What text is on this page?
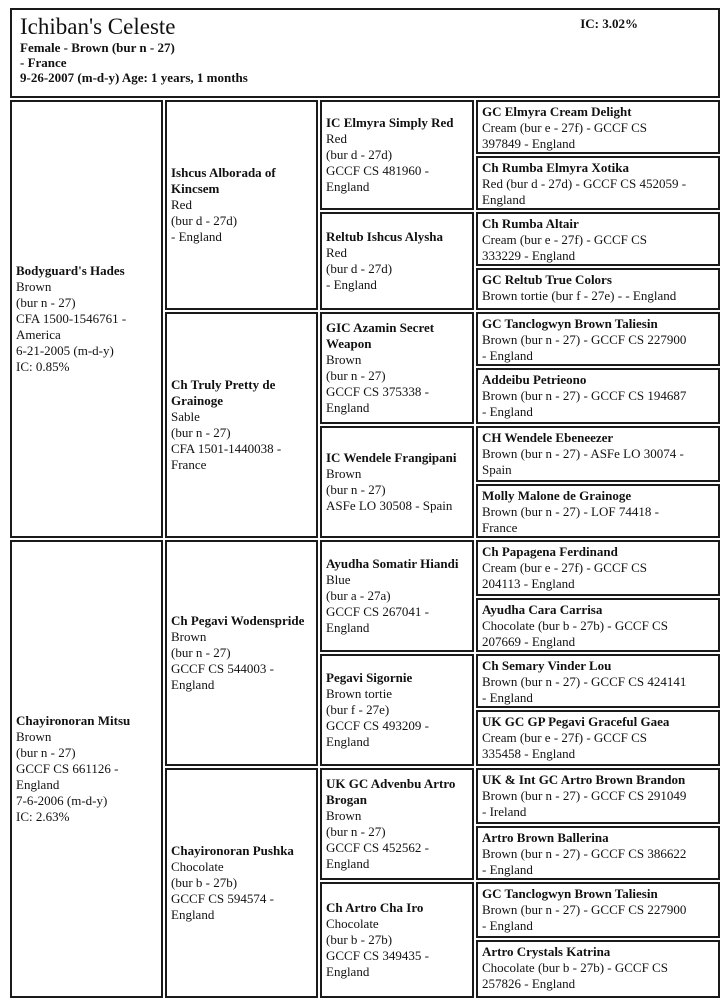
Ichiban's Celeste
Female - Brown (bur n - 27)
- France
9-26-2007 (m-d-y) Age: 1 years, 1 months
IC: 3.02%
Bodyguard's Hades
Brown
(bur n - 27)
CFA 1500-1546761 -
America
6-21-2005 (m-d-y)
IC: 0.85%
Chayironoran Mitsu
Brown
(bur n - 27)
GCCF CS 661126 -
England
7-6-2006 (m-d-y)
IC: 2.63%
Ishcus Alborada of Kincsem
Red
(bur d - 27d)
- England
Ch Truly Pretty de Grainoge
Sable
(bur n - 27)
CFA 1501-1440038 -
France
Ch Pegavi Wodenspride
Brown
(bur n - 27)
GCCF CS 544003 -
England
Chayironoran Pushka
Chocolate
(bur b - 27b)
GCCF CS 594574 -
England
IC Elmyra Simply Red
Red
(bur d - 27d)
GCCF CS 481960 -
England
Reltub Ishcus Alysha
Red
(bur d - 27d)
- England
GIC Azamin Secret Weapon
Brown
(bur n - 27)
GCCF CS 375338 -
England
IC Wendele Frangipani
Brown
(bur n - 27)
ASFe LO 30508 - Spain
Ayudha Somatir Hiandi
Blue
(bur a - 27a)
GCCF CS 267041 -
England
Pegavi Sigornie
Brown tortie
(bur f - 27e)
GCCF CS 493209 -
England
UK GC Advenbu Artro Brogan
Brown
(bur n - 27)
GCCF CS 452562 -
England
Ch Artro Cha Iro
Chocolate
(bur b - 27b)
GCCF CS 349435 -
England
GC Elmyra Cream Delight
Cream (bur e - 27f) - GCCF CS
397849 - England
Ch Rumba Elmyra Xotika
Red (bur d - 27d) - GCCF CS 452059 -
England
Ch Rumba Altair
Cream (bur e - 27f) - GCCF CS
333229 - England
GC Reltub True Colors
Brown tortie (bur f - 27e) - - England
GC Tanclogwyn Brown Taliesin
Brown (bur n - 27) - GCCF CS 227900
- England
Addeibu Petrieono
Brown (bur n - 27) - GCCF CS 194687
- England
CH Wendele Ebeneezer
Brown (bur n - 27) - ASFe LO 30074 -
Spain
Molly Malone de Grainoge
Brown (bur n - 27) - LOF 74418 -
France
Ch Papagena Ferdinand
Cream (bur e - 27f) - GCCF CS
204113 - England
Ayudha Cara Carrisa
Chocolate (bur b - 27b) - GCCF CS
207669 - England
Ch Semary Vinder Lou
Brown (bur n - 27) - GCCF CS 424141
- England
UK GC GP Pegavi Graceful Gaea
Cream (bur e - 27f) - GCCF CS
335458 - England
UK & Int GC Artro Brown Brandon
Brown (bur n - 27) - GCCF CS 291049
- Ireland
Artro Brown Ballerina
Brown (bur n - 27) - GCCF CS 386622
- England
GC Tanclogwyn Brown Taliesin
Brown (bur n - 27) - GCCF CS 227900
- England
Artro Crystals Katrina
Chocolate (bur b - 27b) - GCCF CS
257826 - England
